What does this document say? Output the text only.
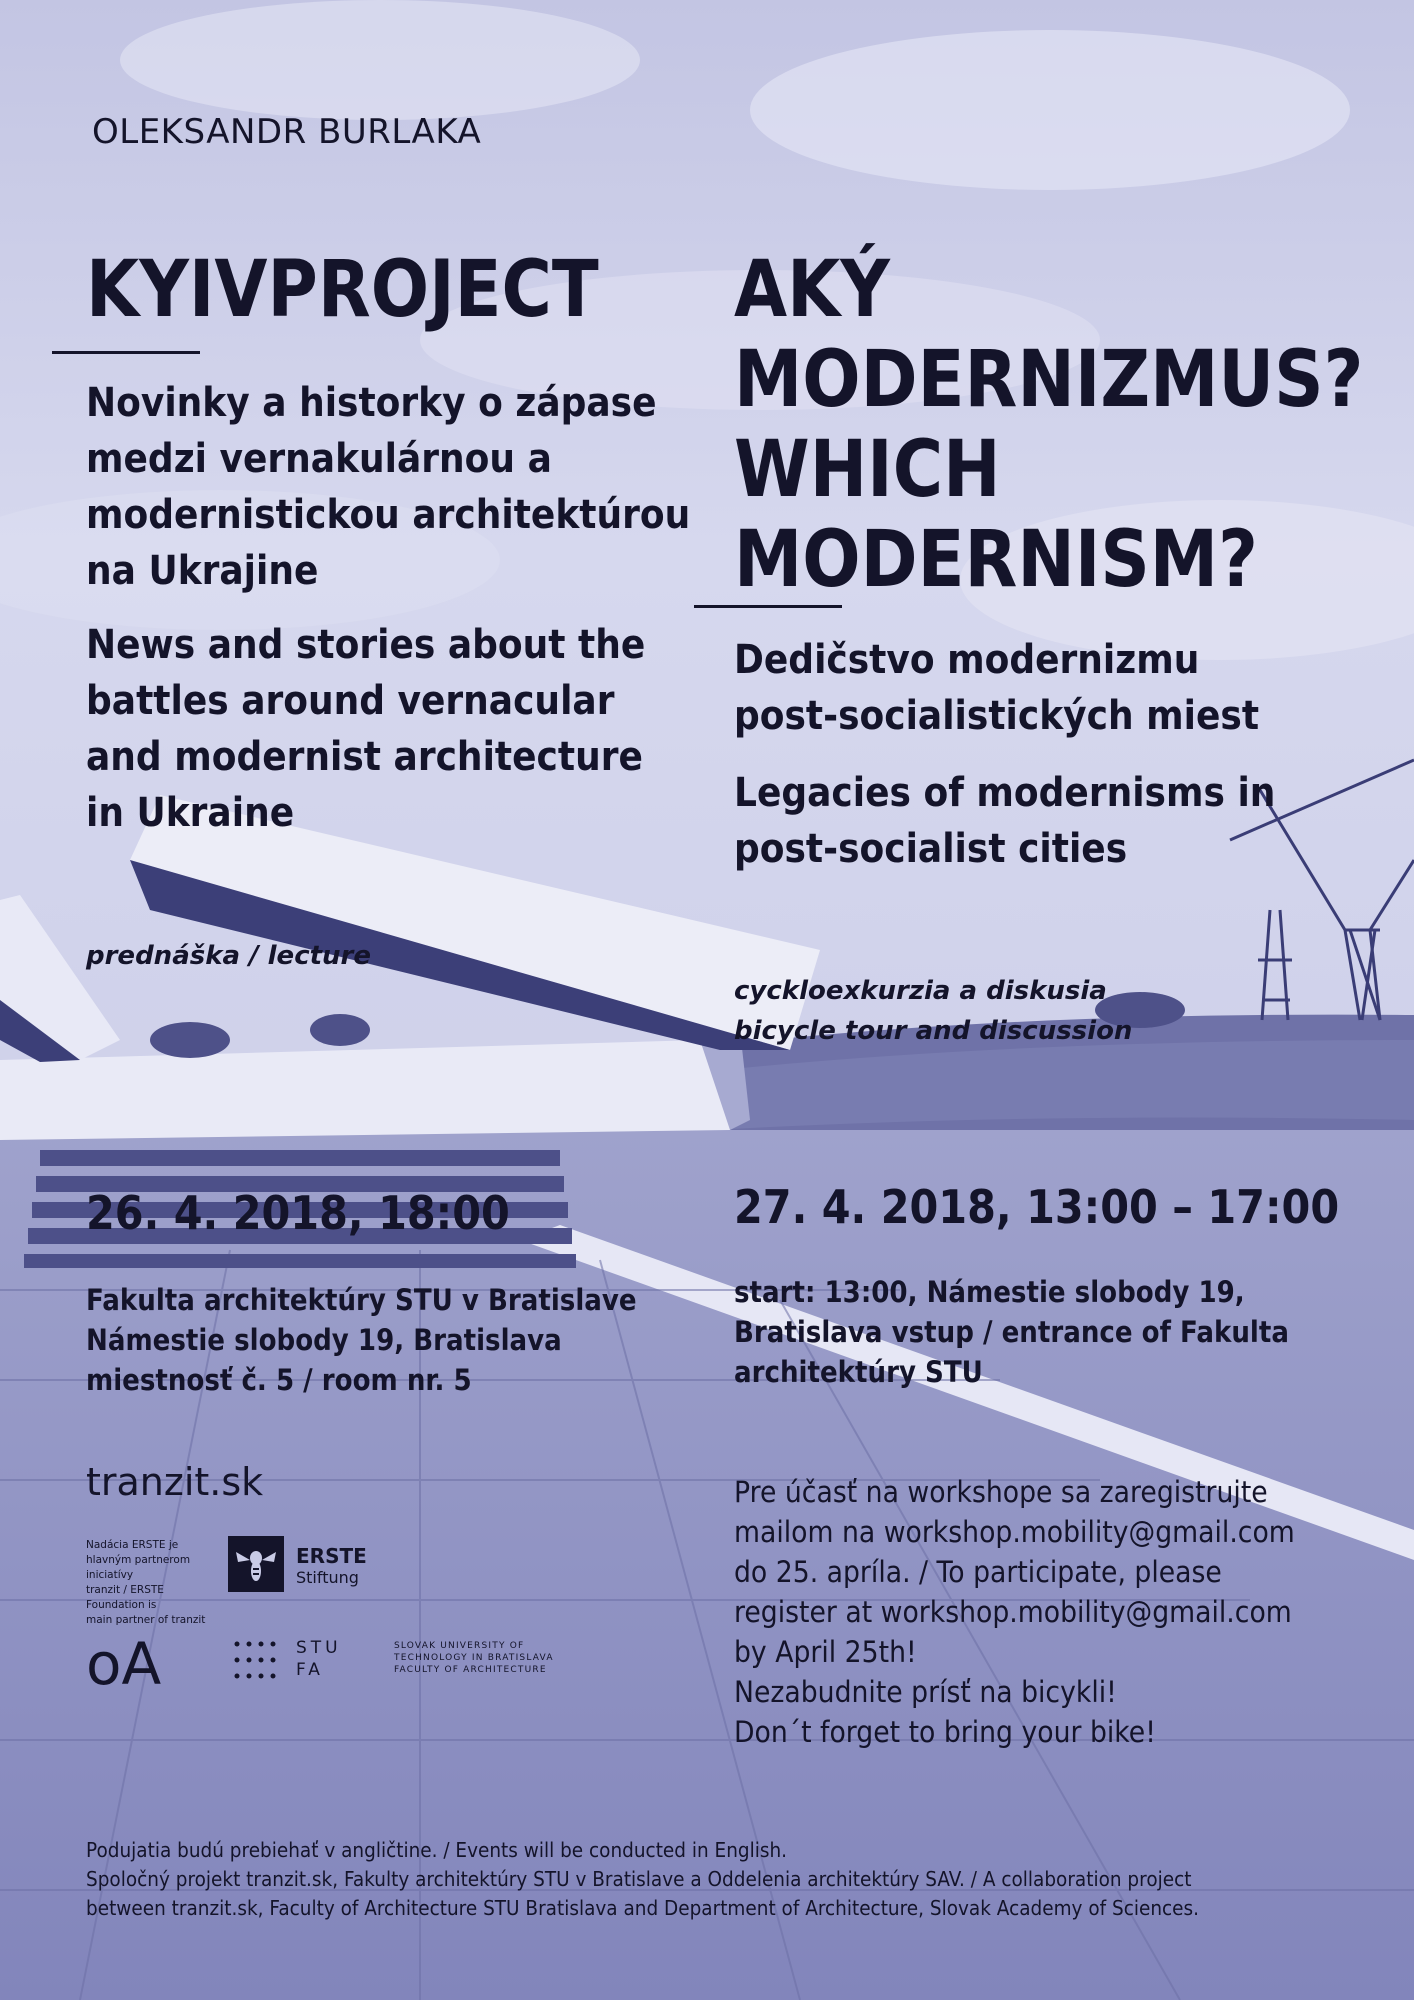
OLEKSANDR BURLAKA
KYIVPROJECT
Novinky a historky o zápase
medzi vernakulárnou a
modernistickou architektúrou
na Ukrajine
News and stories about the
battles around vernacular
and modernist architecture
in Ukraine
prednáška / lecture
26. 4. 2018, 18:00
Fakulta architektúry STU v Bratislave
Námestie slobody 19, Bratislava
miestnosť č. 5 / room nr. 5
tranzit.sk
Nadácia ERSTE je
hlavným partnerom iniciatívy
tranzit / ERSTE Foundation is
main partner of tranzit
ERSTE
Stiftung
oA	STU
FA
SLOVAK UNIVERSITY OF
TECHNOLOGY IN BRATISLAVA
FACULTY OF ARCHITECTURE
AKÝ
MODERNIZMUS?
WHICH
MODERNISM?
Dedičstvo modernizmu
post-socialistických miest
Legacies of modernisms in
post-socialist cities
cyckloexkurzia a diskusia
bicycle tour and discussion
27. 4. 2018, 13:00 – 17:00
start: 13:00, Námestie slobody 19,
Bratislava vstup / entrance of Fakulta
architektúry STU
Pre účasť na workshope sa zaregistrujte
mailom na workshop.mobility@gmail.com
do 25. apríla. / To participate, please
register at workshop.mobility@gmail.com
by April 25th!
Nezabudnite prísť na bicykli!
Don´t forget to bring your bike!
Podujatia budú prebiehať v angličtine. / Events will be conducted in English.
Spoločný projekt tranzit.sk, Fakulty architektúry STU v Bratislave a Oddelenia architektúry SAV. / A collaboration project
between tranzit.sk, Faculty of Architecture STU Bratislava and Department of Architecture, Slovak Academy of Sciences.
